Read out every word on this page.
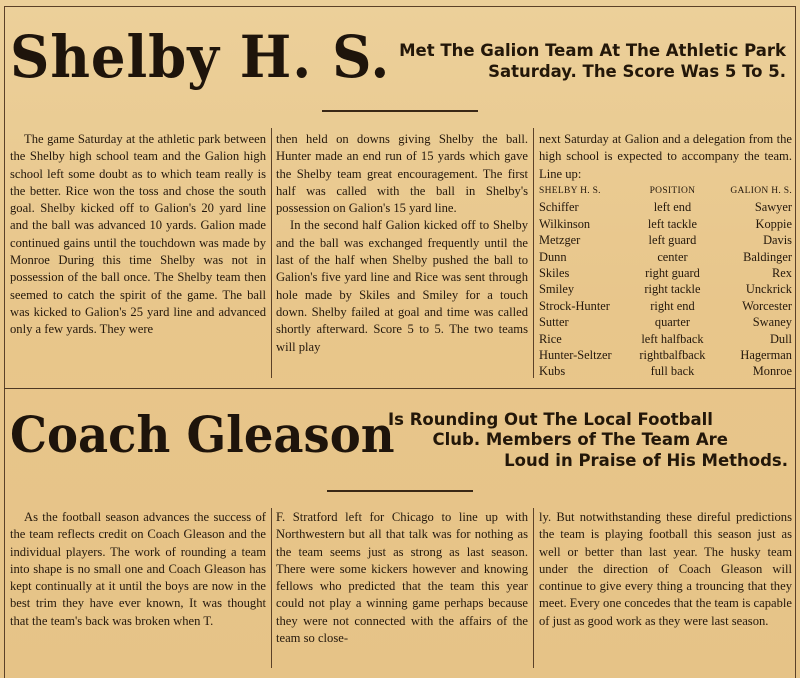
Shelby H. S. Met The Galion Team At The Athletic Park
Saturday. The Score Was 5 To 5.

The game Saturday at the athletic park between the Shelby high school team and the Galion high school left some doubt as to which team really is the better. Rice won the toss and chose the south goal. Shelby kicked off to Galion's 20 yard line and the ball was advanced 10 yards. Galion made continued gains until the touchdown was made by Monroe During this time Shelby was not in possession of the ball once. The Shelby team then seemed to catch the spirit of the game. The ball was kicked to Galion's 25 yard line and advanced only a few yards. They were

then held on downs giving Shelby the ball. Hunter made an end run of 15 yards which gave the Shelby team great encouragement. The first half was called with the ball in Shelby's possession on Galion's 15 yard line.

In the second half Galion kicked off to Shelby and the ball was exchanged frequently until the last of the half when Shelby pushed the ball to Galion's five yard line and Rice was sent through hole made by Skiles and Smiley for a touch down. Shelby failed at goal and time was called shortly afterward. Score 5 to 5. The two teams will play

next Saturday at Galion and a delegation from the high school is expected to accompany the team. Line up:

SHELBY H. S.	POSITION	GALION H. S.
Schiffer	left end	Sawyer
Wilkinson	left tackle	Koppie
Metzger	left guard	Davis
Dunn	center	Baldinger
Skiles	right guard	Rex
Smiley	right tackle	Unckrick
Strock-Hunter	right end	Worcester
Sutter	quarter	Swaney
Rice	left halfback	Dull
Hunter-Seltzer	rightbalfback	Hagerman
Kubs	full back	Monroe
Coach Gleason
Is Rounding Out The Local Football
Club. Members of The Team Are
Loud in Praise of His Methods.

As the football season advances the success of the team reflects credit on Coach Gleason and the individual players. The work of rounding a team into shape is no small one and Coach Gleason has kept continually at it until the boys are now in the best trim they have ever known, It was thought that the team's back was broken when T.

F. Stratford left for Chicago to line up with Northwestern but all that talk was for nothing as the team seems just as strong as last season. There were some kickers however and knowing fellows who predicted that the team this year could not play a winning game perhaps because they were not connected with the affairs of the team so close-

ly. But notwithstanding these direful predictions the team is playing football this season just as well or better than last year. The husky team under the direction of Coach Gleason will continue to give every thing a trouncing that they meet. Every one concedes that the team is capable of just as good work as they were last season.
